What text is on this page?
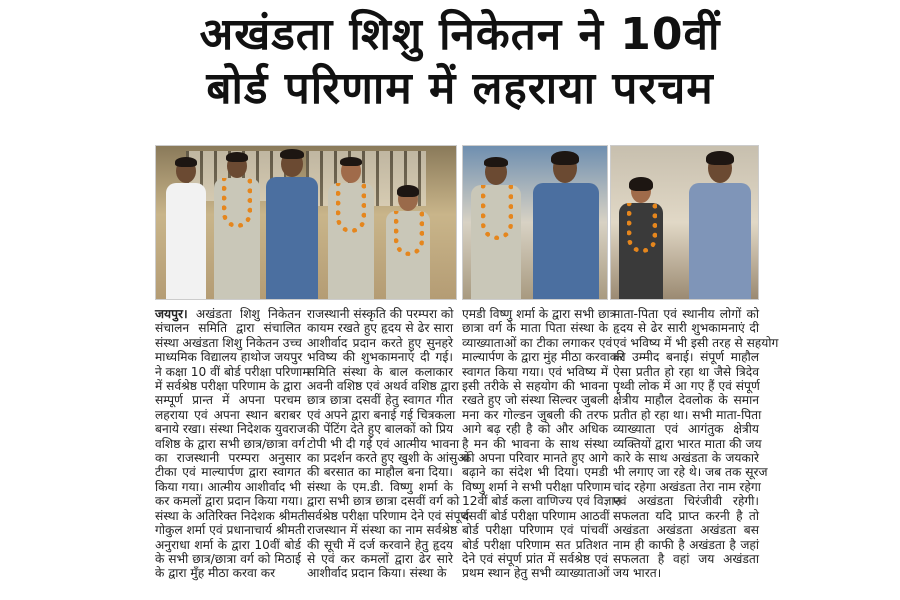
अखंडता शिशु निकेतन ने 10वीं
बोर्ड परिणाम में लहराया परचम
जयपुर। अखंडता शिशु निकेतन
संचालन समिति द्वारा संचालित
संस्था अखंडता शिशु निकेतन उच्च
माध्यमिक विद्यालय हाथोज जयपुर
ने कक्षा 10 वीं बोर्ड परीक्षा परिणाम
में सर्वश्रेष्ठ परीक्षा परिणाम के द्वारा
सम्पूर्ण प्रान्त में अपना परचम
लहराया एवं अपना स्थान बराबर
बनाये रखा। संस्था निदेशक युवराज
वशिष्ठ के द्वारा सभी छात्र/छात्रा वर्ग
का राजस्थानी परम्परा अनुसार
टीका एवं माल्यार्पण द्वारा स्वागत
किया गया। आत्मीय आशीर्वाद भी
कर कमलों द्वारा प्रदान किया गया।
संस्था के अतिरिक्त निदेशक श्रीमती
गोकुल शर्मा एवं प्रधानाचार्य श्रीमती
अनुराधा शर्मा के द्वारा 10वीं बोर्ड
के सभी छात्र/छात्रा वर्ग को मिठाई
के द्वारा मुँह मीठा करवा कर
राजस्थानी संस्कृति की परम्परा को
कायम रखते हुए हृदय से ढेर सारा
आशीर्वाद प्रदान करते हुए सुनहरे
भविष्य की शुभकामनाएं दी गई।
समिति संस्था के बाल कलाकार
अवनी वशिष्ठ एवं अथर्व वशिष्ठ द्वारा
छात्र छात्रा दसवीं हेतु स्वागत गीत
एवं अपने द्वारा बनाई गई चित्रकला
की पेंटिंग देते हुए बालकों को प्रिय
टोपी भी दी गई एवं आत्मीय भावना
का प्रदर्शन करते हुए खुशी के आंसुओं
की बरसात का माहौल बना दिया।
संस्था के एम.डी. विष्णु शर्मा के
द्वारा सभी छात्र छात्रा दसवीं वर्ग को
सर्वश्रेष्ठ परीक्षा परिणाम देने एवं संपूर्ण
राजस्थान में संस्था का नाम सर्वश्रेष्ठ
की सूची में दर्ज करवाने हेतु हृदय
से एवं कर कमलों द्वारा ढेर सारे
आशीर्वाद प्रदान किया। संस्था के
एमडी विष्णु शर्मा के द्वारा सभी छात्र
छात्रा वर्ग के माता पिता संस्था के
व्याख्याताओं का टीका लगाकर एवं
माल्यार्पण के द्वारा मुंह मीठा करवाकर
स्वागत किया गया। एवं भविष्य में
इसी तरीके से सहयोग की भावना
रखते हुए जो संस्था सिल्वर जुबली
मना कर गोल्डन जुबली की तरफ
आगे बढ़ रही है को और अधिक
है मन की भावना के साथ संस्था
को अपना परिवार मानते हुए आगे
बढ़ाने का संदेश भी दिया। एमडी
विष्णु शर्मा ने सभी परीक्षा परिणाम
12वीं बोर्ड कला वाणिज्य एवं विज्ञान
दसवीं बोर्ड परीक्षा परिणाम आठवीं
बोर्ड परीक्षा परिणाम एवं पांचवीं
बोर्ड परीक्षा परिणाम सत प्रतिशत
देने एवं संपूर्ण प्रांत में सर्वश्रेष्ठ एवं
प्रथम स्थान हेतु सभी व्याख्याताओं
माता-पिता एवं स्थानीय लोगों को
हृदय से ढेर सारी शुभकामनाएं दी
एवं भविष्य में भी इसी तरह से सहयोग
की उम्मीद बनाई। संपूर्ण माहौल
ऐसा प्रतीत हो रहा था जैसे त्रिदेव
पृथ्वी लोक में आ गए हैं एवं संपूर्ण
क्षेत्रीय माहौल देवलोक के समान
प्रतीत हो रहा था। सभी माता-पिता
व्याख्याता एवं आगंतुक क्षेत्रीय
व्यक्तियों द्वारा भारत माता की जय
कारे के साथ अखंडता के जयकारे
भी लगाए जा रहे थे। जब तक सूरज
चांद रहेगा अखंडता तेरा नाम रहेगा
एवं अखंडता चिरंजीवी रहेगी।
सफलता यदि प्राप्त करनी है तो
अखंडता अखंडता अखंडता बस
नाम ही काफी है अखंडता है जहां
सफलता है वहां जय अखंडता
जय भारत।
